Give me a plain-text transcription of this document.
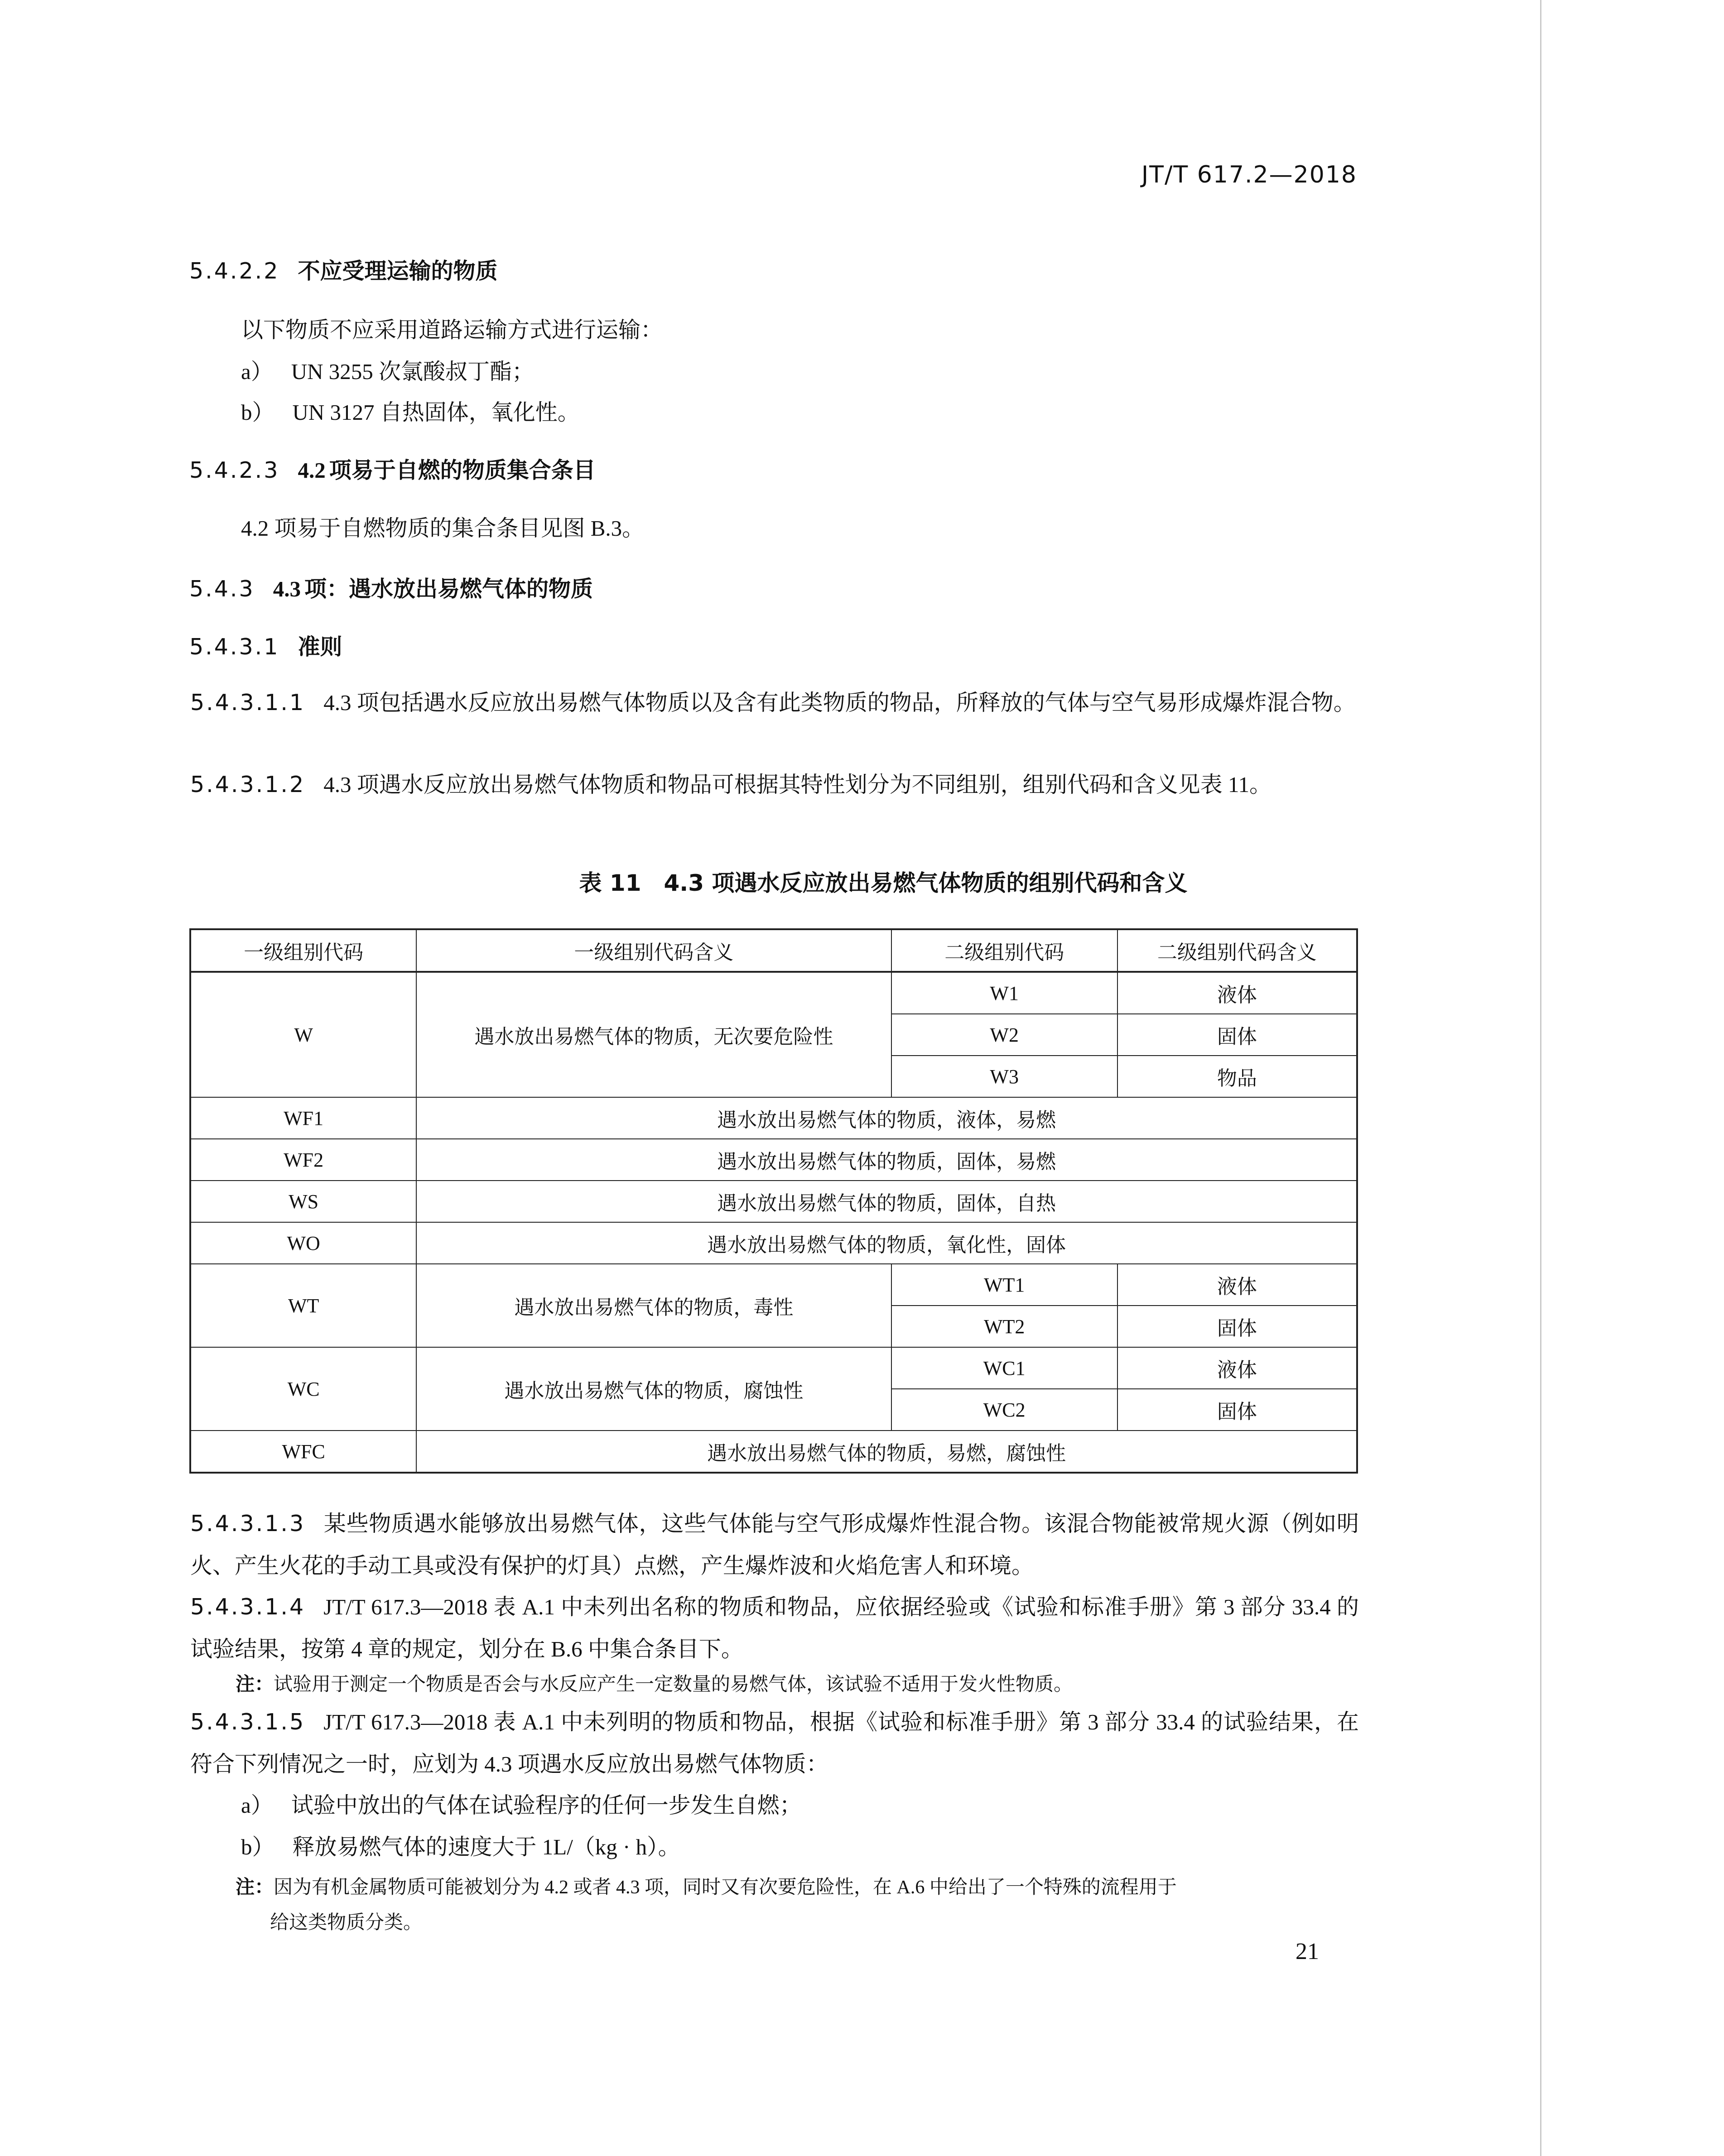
JT/T 617.2—2018
5.4.2.2 不应受理运输的物质
以下物质不应采用道路运输方式进行运输：
a） UN 3255 次氯酸叔丁酯；
b） UN 3127 自热固体，氧化性。
5.4.2.3 4.2 项易于自燃的物质集合条目
4.2 项易于自燃物质的集合条目见图 B.3。
5.4.3 4.3 项：遇水放出易燃气体的物质
5.4.3.1 准则
5.4.3.1.1 4.3 项包括遇水反应放出易燃气体物质以及含有此类物质的物品，所释放的气体与空气易形成爆炸混合物。
5.4.3.1.2 4.3 项遇水反应放出易燃气体物质和物品可根据其特性划分为不同组别，组别代码和含义见表 11。
表 11　4.3 项遇水反应放出易燃气体物质的组别代码和含义
一级组别代码	一级组别代码含义	二级组别代码	二级组别代码含义
W	遇水放出易燃气体的物质，无次要危险性	W1	液体
		W2	固体
		W3	物品
WF1	遇水放出易燃气体的物质，液体，易燃		
WF2	遇水放出易燃气体的物质，固体，易燃		
WS	遇水放出易燃气体的物质，固体，自热		
WO	遇水放出易燃气体的物质，氧化性，固体		
WT	遇水放出易燃气体的物质，毒性	WT1	液体
		WT2	固体
WC	遇水放出易燃气体的物质，腐蚀性	WC1	液体
		WC2	固体
WFC	遇水放出易燃气体的物质，易燃，腐蚀性		
5.4.3.1.3 某些物质遇水能够放出易燃气体，这些气体能与空气形成爆炸性混合物。该混合物能被常规火源（例如明火、产生火花的手动工具或没有保护的灯具）点燃，产生爆炸波和火焰危害人和环境。
5.4.3.1.4 JT/T 617.3—2018 表 A.1 中未列出名称的物质和物品，应依据经验或《试验和标准手册》第 3 部分 33.4 的试验结果，按第 4 章的规定，划分在 B.6 中集合条目下。
注：试验用于测定一个物质是否会与水反应产生一定数量的易燃气体，该试验不适用于发火性物质。
5.4.3.1.5 JT/T 617.3—2018 表 A.1 中未列明的物质和物品，根据《试验和标准手册》第 3 部分 33.4 的试验结果，在符合下列情况之一时，应划为 4.3 项遇水反应放出易燃气体物质：
a） 试验中放出的气体在试验程序的任何一步发生自燃；
b） 释放易燃气体的速度大于 1L/（kg · h）。
注：因为有机金属物质可能被划分为 4.2 或者 4.3 项，同时又有次要危险性，在 A.6 中给出了一个特殊的流程用于
给这类物质分类。
21
